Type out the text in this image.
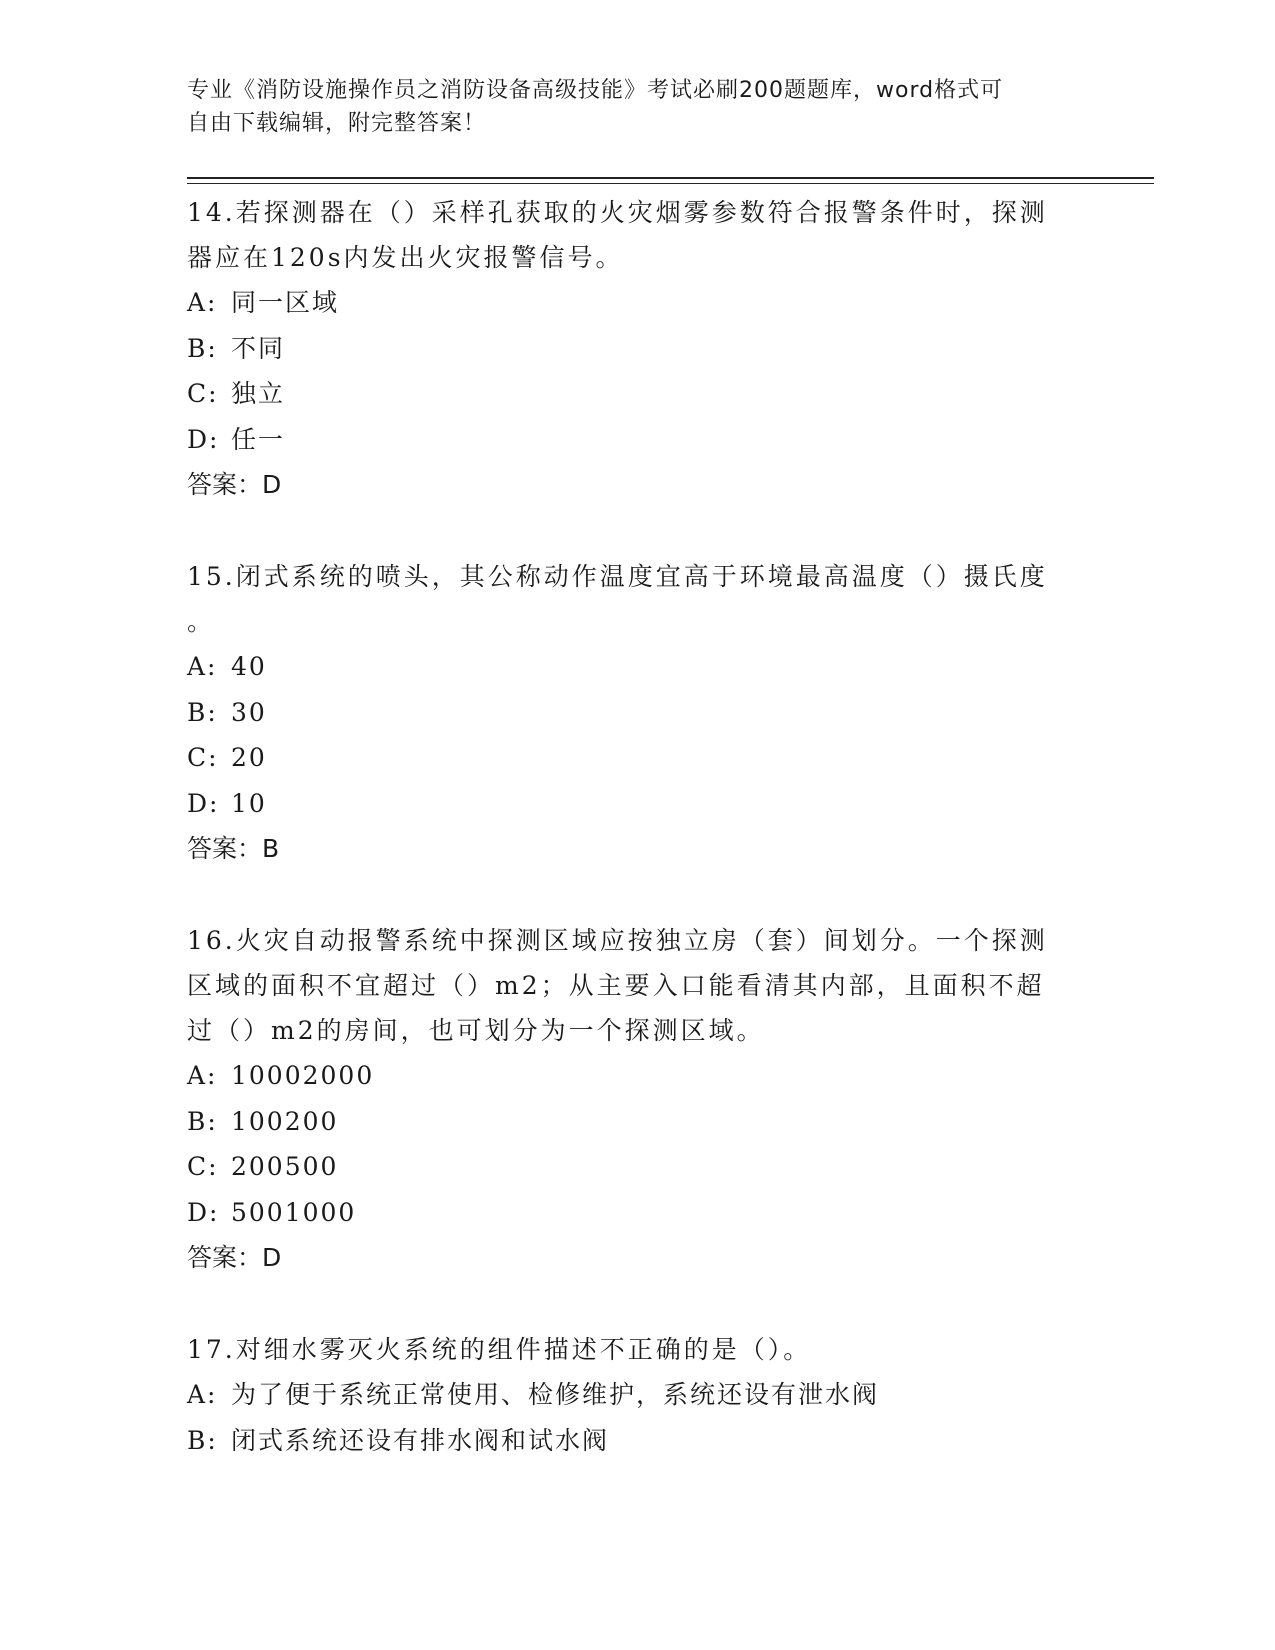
专业《消防设施操作员之消防设备高级技能》考试必刷200题题库，word格式可
自由下载编辑，附完整答案！

14.若探测器在（）采样孔获取的火灾烟雾参数符合报警条件时，探测

器应在120s内发出火灾报警信号。

A: 同一区域

B: 不同

C: 独立

D: 任一

答案：D

15.闭式系统的喷头，其公称动作温度宜高于环境最高温度（）摄氏度

。

A: 40

B: 30

C: 20

D: 10

答案：B

16.火灾自动报警系统中探测区域应按独立房（套）间划分。一个探测

区域的面积不宜超过（）m2；从主要入口能看清其内部，且面积不超

过（）m2的房间，也可划分为一个探测区域。

A: 10002000

B: 100200

C: 200500

D: 5001000

答案：D

17.对细水雾灭火系统的组件描述不正确的是（）。

A: 为了便于系统正常使用、检修维护，系统还设有泄水阀

B: 闭式系统还设有排水阀和试水阀
